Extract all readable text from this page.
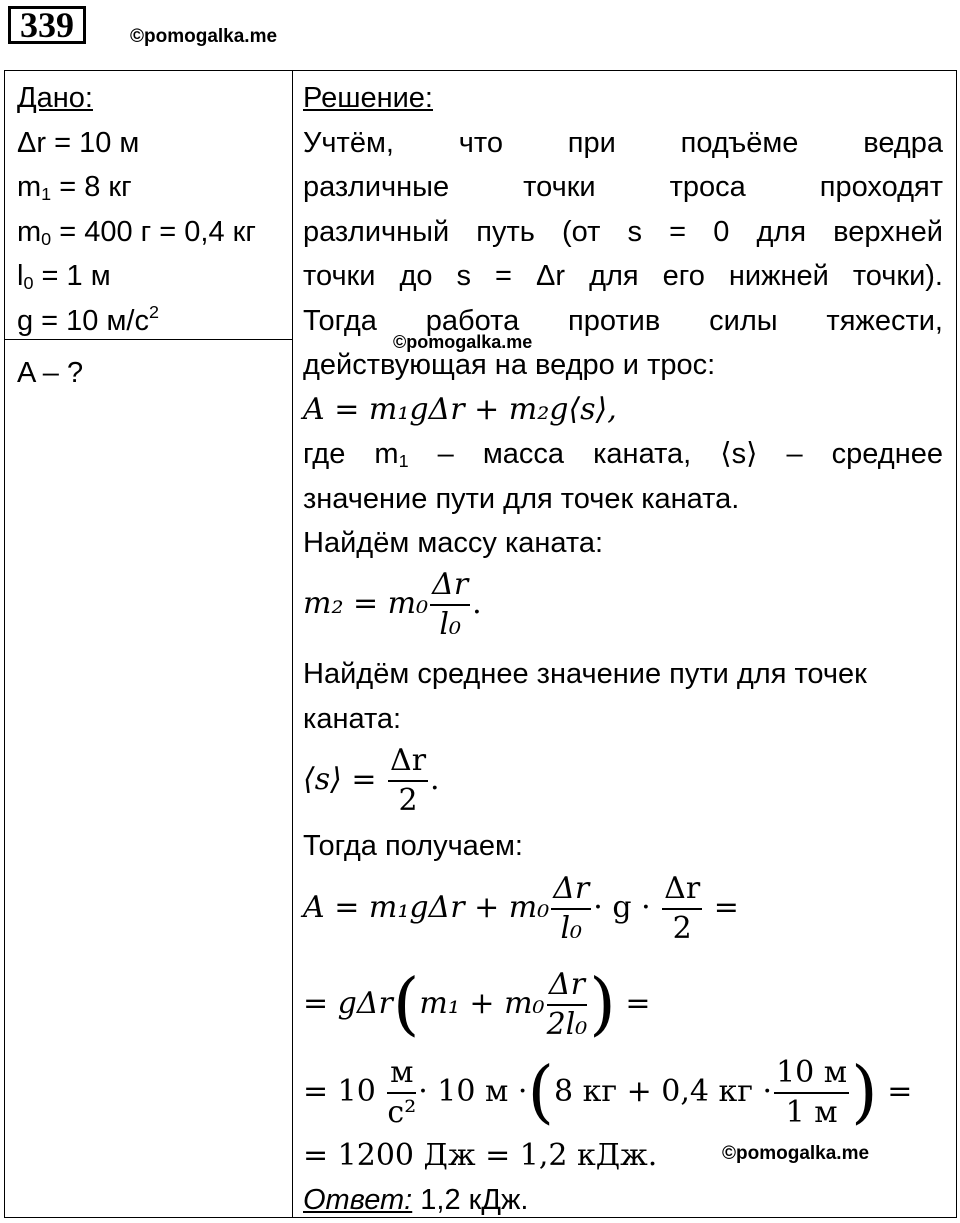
339	©pomogalka.me
Дано:
Δr = 10 м
$m_1 = 8$ кг
$m_0 = 400$ г = 0,4 кг
$l_0 = 1$ м
g = 10 $м/с^2$
A – ?
Решение:
Учтём, что при подъёме ведра
различные точки троса проходят
различный путь (от s = 0 для верхней
точки до s = Δr для его нижней точки).
Тогда работа против силы тяжести,
действующая на ведро и трос:
A = m₁gΔr + m₂g⟨s⟩,
где $m_1$ – масса каната, ⟨s⟩ – среднее
значение пути для точек каната.
Найдём массу каната:
$m_2 = m_0 \frac{\Delta r}{\text{l₀}}$ .
Найдём среднее значение пути для точек
каната:
⟨s⟩ = $\frac{\Delta r}{2}$ .
Тогда получаем:
$A = m_1g\Delta r + m_0 \frac{\Delta r}{\text{l₀}} \cdot g \cdot \frac{\Delta r}{2}$ =
= $g\Delta r(m_1 + m_0 \frac{\Delta r}{\text{2l₀}}$ ) =
= $10 \frac{м}{\text{с²}} \cdot 10$ м ·(8 кг + 0,4 кг · $\frac{10 м}{1 м}$ ) =
= 1200 Дж = 1,2 кДж.
Ответ: 1,2 кДж.
©pomogalka.me
©pomogalka.me
